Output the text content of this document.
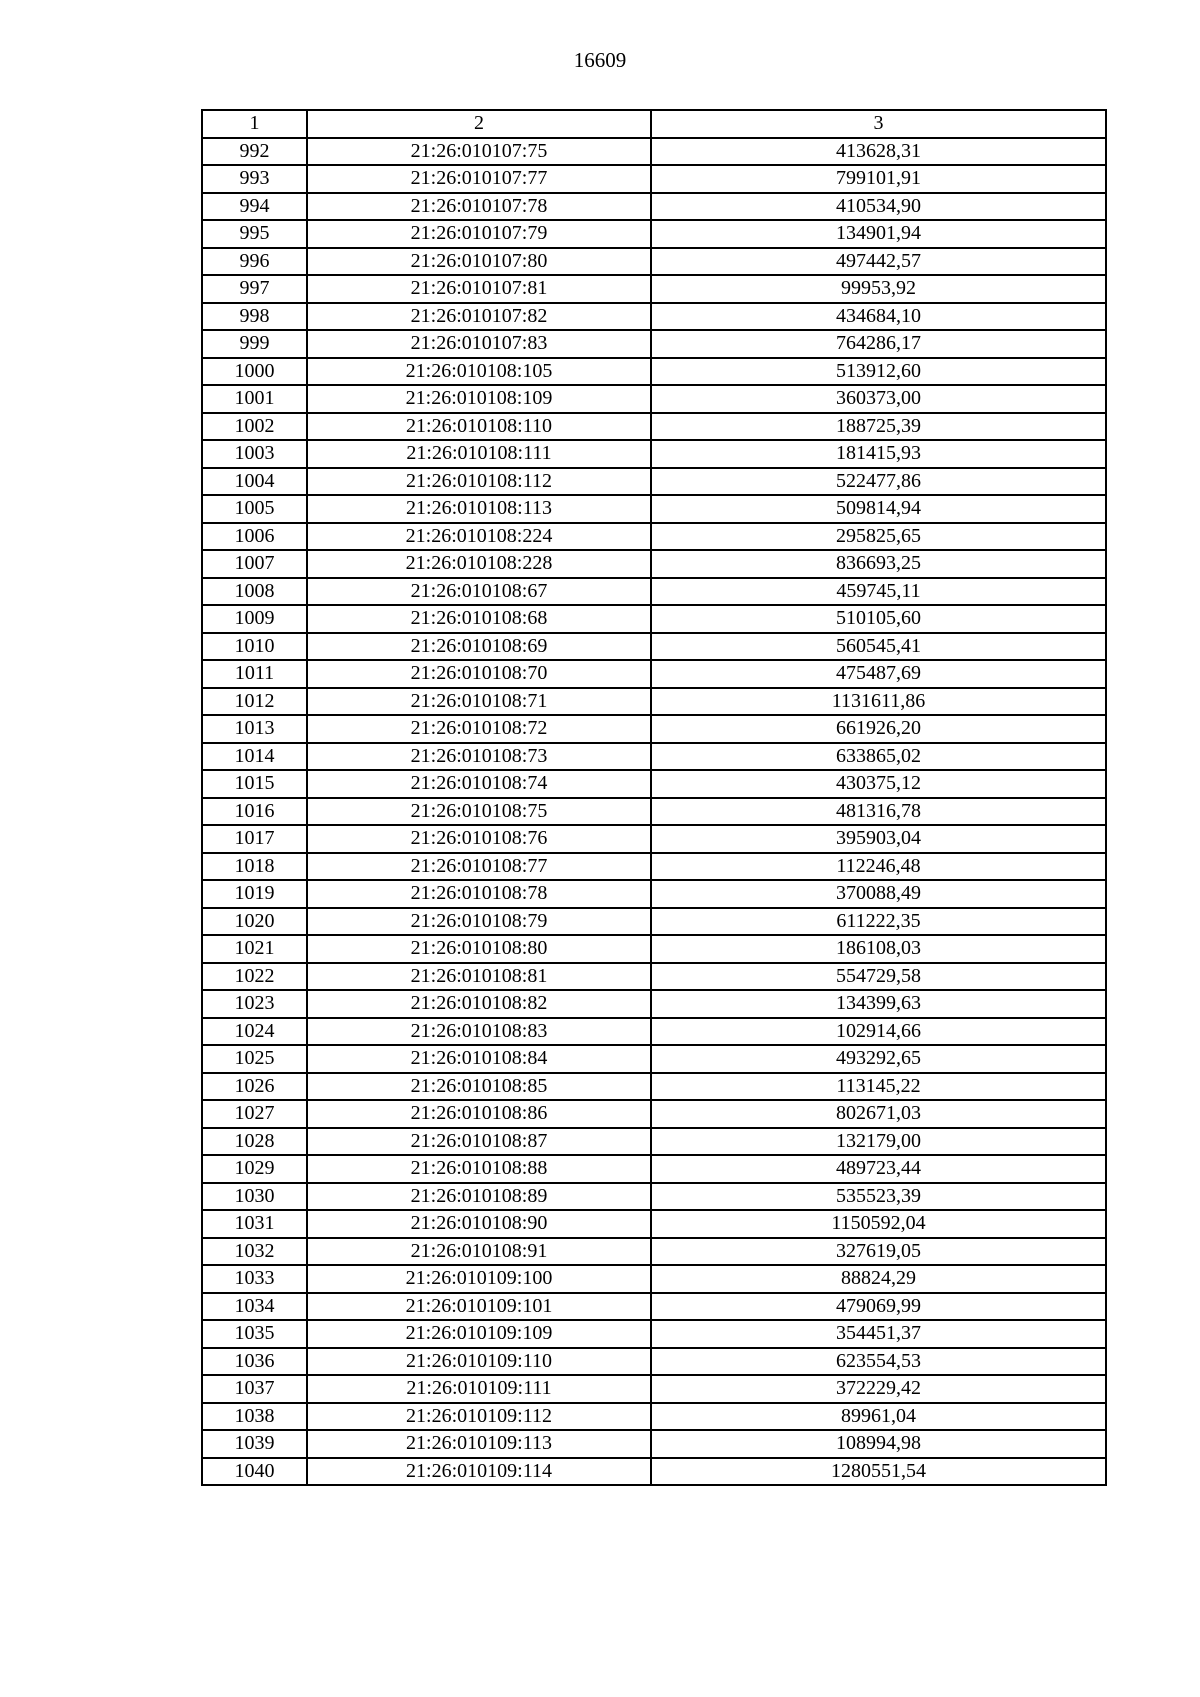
16609
1	2	3
992	21:26:010107:75	413628,31
993	21:26:010107:77	799101,91
994	21:26:010107:78	410534,90
995	21:26:010107:79	134901,94
996	21:26:010107:80	497442,57
997	21:26:010107:81	99953,92
998	21:26:010107:82	434684,10
999	21:26:010107:83	764286,17
1000	21:26:010108:105	513912,60
1001	21:26:010108:109	360373,00
1002	21:26:010108:110	188725,39
1003	21:26:010108:111	181415,93
1004	21:26:010108:112	522477,86
1005	21:26:010108:113	509814,94
1006	21:26:010108:224	295825,65
1007	21:26:010108:228	836693,25
1008	21:26:010108:67	459745,11
1009	21:26:010108:68	510105,60
1010	21:26:010108:69	560545,41
1011	21:26:010108:70	475487,69
1012	21:26:010108:71	1131611,86
1013	21:26:010108:72	661926,20
1014	21:26:010108:73	633865,02
1015	21:26:010108:74	430375,12
1016	21:26:010108:75	481316,78
1017	21:26:010108:76	395903,04
1018	21:26:010108:77	112246,48
1019	21:26:010108:78	370088,49
1020	21:26:010108:79	611222,35
1021	21:26:010108:80	186108,03
1022	21:26:010108:81	554729,58
1023	21:26:010108:82	134399,63
1024	21:26:010108:83	102914,66
1025	21:26:010108:84	493292,65
1026	21:26:010108:85	113145,22
1027	21:26:010108:86	802671,03
1028	21:26:010108:87	132179,00
1029	21:26:010108:88	489723,44
1030	21:26:010108:89	535523,39
1031	21:26:010108:90	1150592,04
1032	21:26:010108:91	327619,05
1033	21:26:010109:100	88824,29
1034	21:26:010109:101	479069,99
1035	21:26:010109:109	354451,37
1036	21:26:010109:110	623554,53
1037	21:26:010109:111	372229,42
1038	21:26:010109:112	89961,04
1039	21:26:010109:113	108994,98
1040	21:26:010109:114	1280551,54
